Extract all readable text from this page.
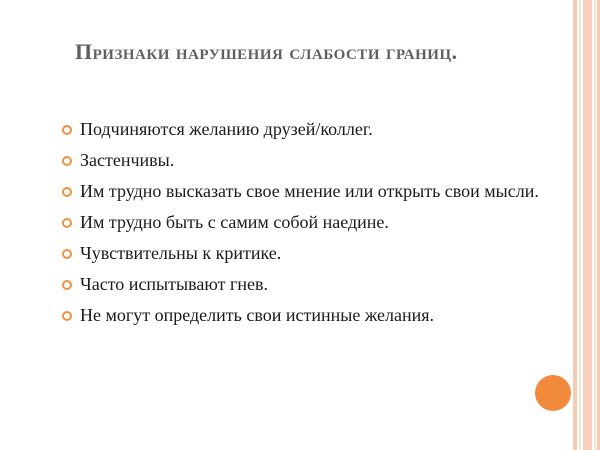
Признаки нарушения слабости границ.
Подчиняются желанию друзей/коллег.
Застенчивы.
Им трудно высказать свое мнение или открыть свои мысли.
Им трудно быть с самим собой наедине.
Чувствительны к критике.
Часто испытывают гнев.
Не могут определить свои истинные желания.
